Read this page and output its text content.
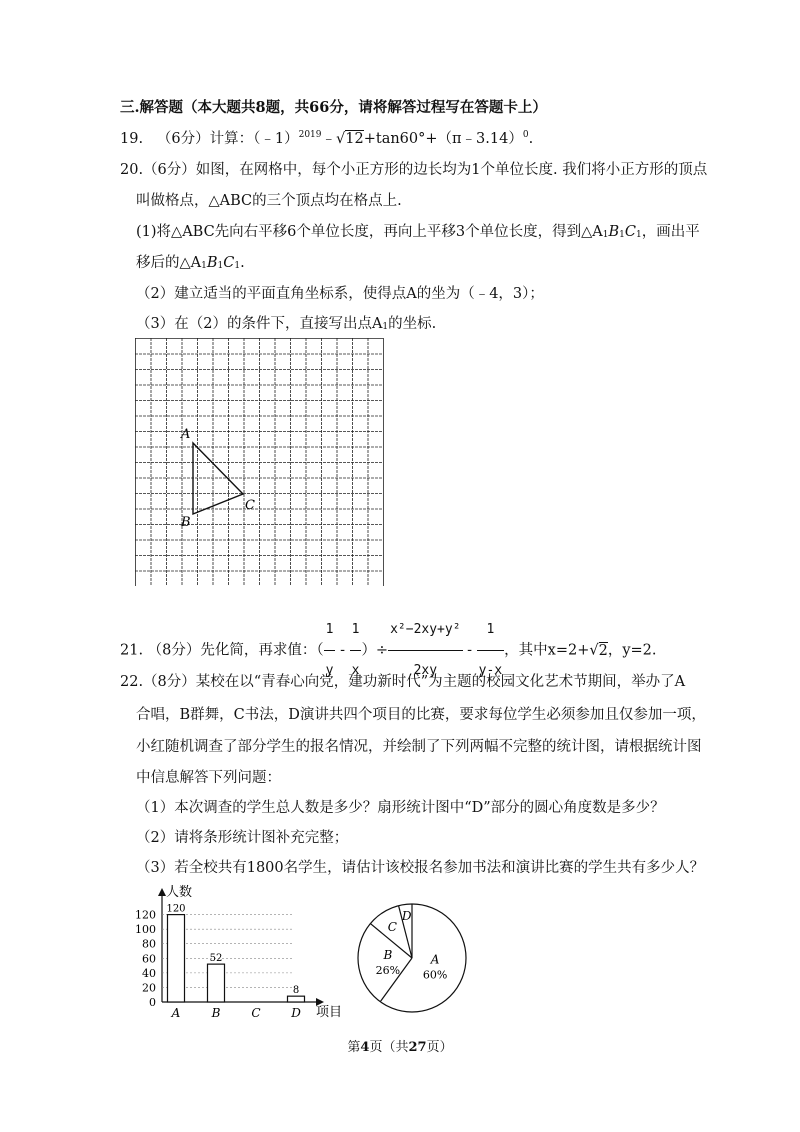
三.解答题（本大题共8题，共66分，请将解答过程写在答题卡上）
19. （6分）计算：（﹣1）$^{2019}$﹣√12+tan60°+（π﹣3.14）$^0$.
20.（6分）如图，在网格中，每个小正方形的边长均为1个单位长度. 我们将小正方形的顶点
叫做格点，△ABC的三个顶点均在格点上.
(1)将△ABC先向右平移6个单位长度，再向上平移3个单位长度，得到$\triangle A_1B_1C_1$，画出平
移后的$\triangle A_1B_1C_1$.
（2）建立适当的平面直角坐标系，使得点A的坐为（﹣4，3）；
（3）在（2）的条件下，直接写出点$A_1$的坐标.
A
B
C
21. （8分）先化简，再求值：（ $\frac{1}{y} - \frac{1}{x}$ ）÷ $\frac{\text{x²−2xy+y²}}{2xy} - \frac{1}{y-x}$ ，其中x=2+√2，y=2.
22.（8分）某校在以“青春心向党，建功新时代”为主题的校园文化艺术节期间，举办了A
合唱，B群舞，C书法，D演讲共四个项目的比赛，要求每位学生必须参加且仅参加一项，
小红随机调查了部分学生的报名情况，并绘制了下列两幅不完整的统计图，请根据统计图
中信息解答下列问题：
（1）本次调查的学生总人数是多少？扇形统计图中“D”部分的圆心角度数是多少？
（2）请将条形统计图补充完整；
（3）若全校共有1800名学生，请估计该校报名参加书法和演讲比赛的学生共有多少人？
0
20
40
60
80
100
120
A
120
B
52
C	D
8
人数
项目
A
60%
B
26%
C
D
第4页（共27页）
